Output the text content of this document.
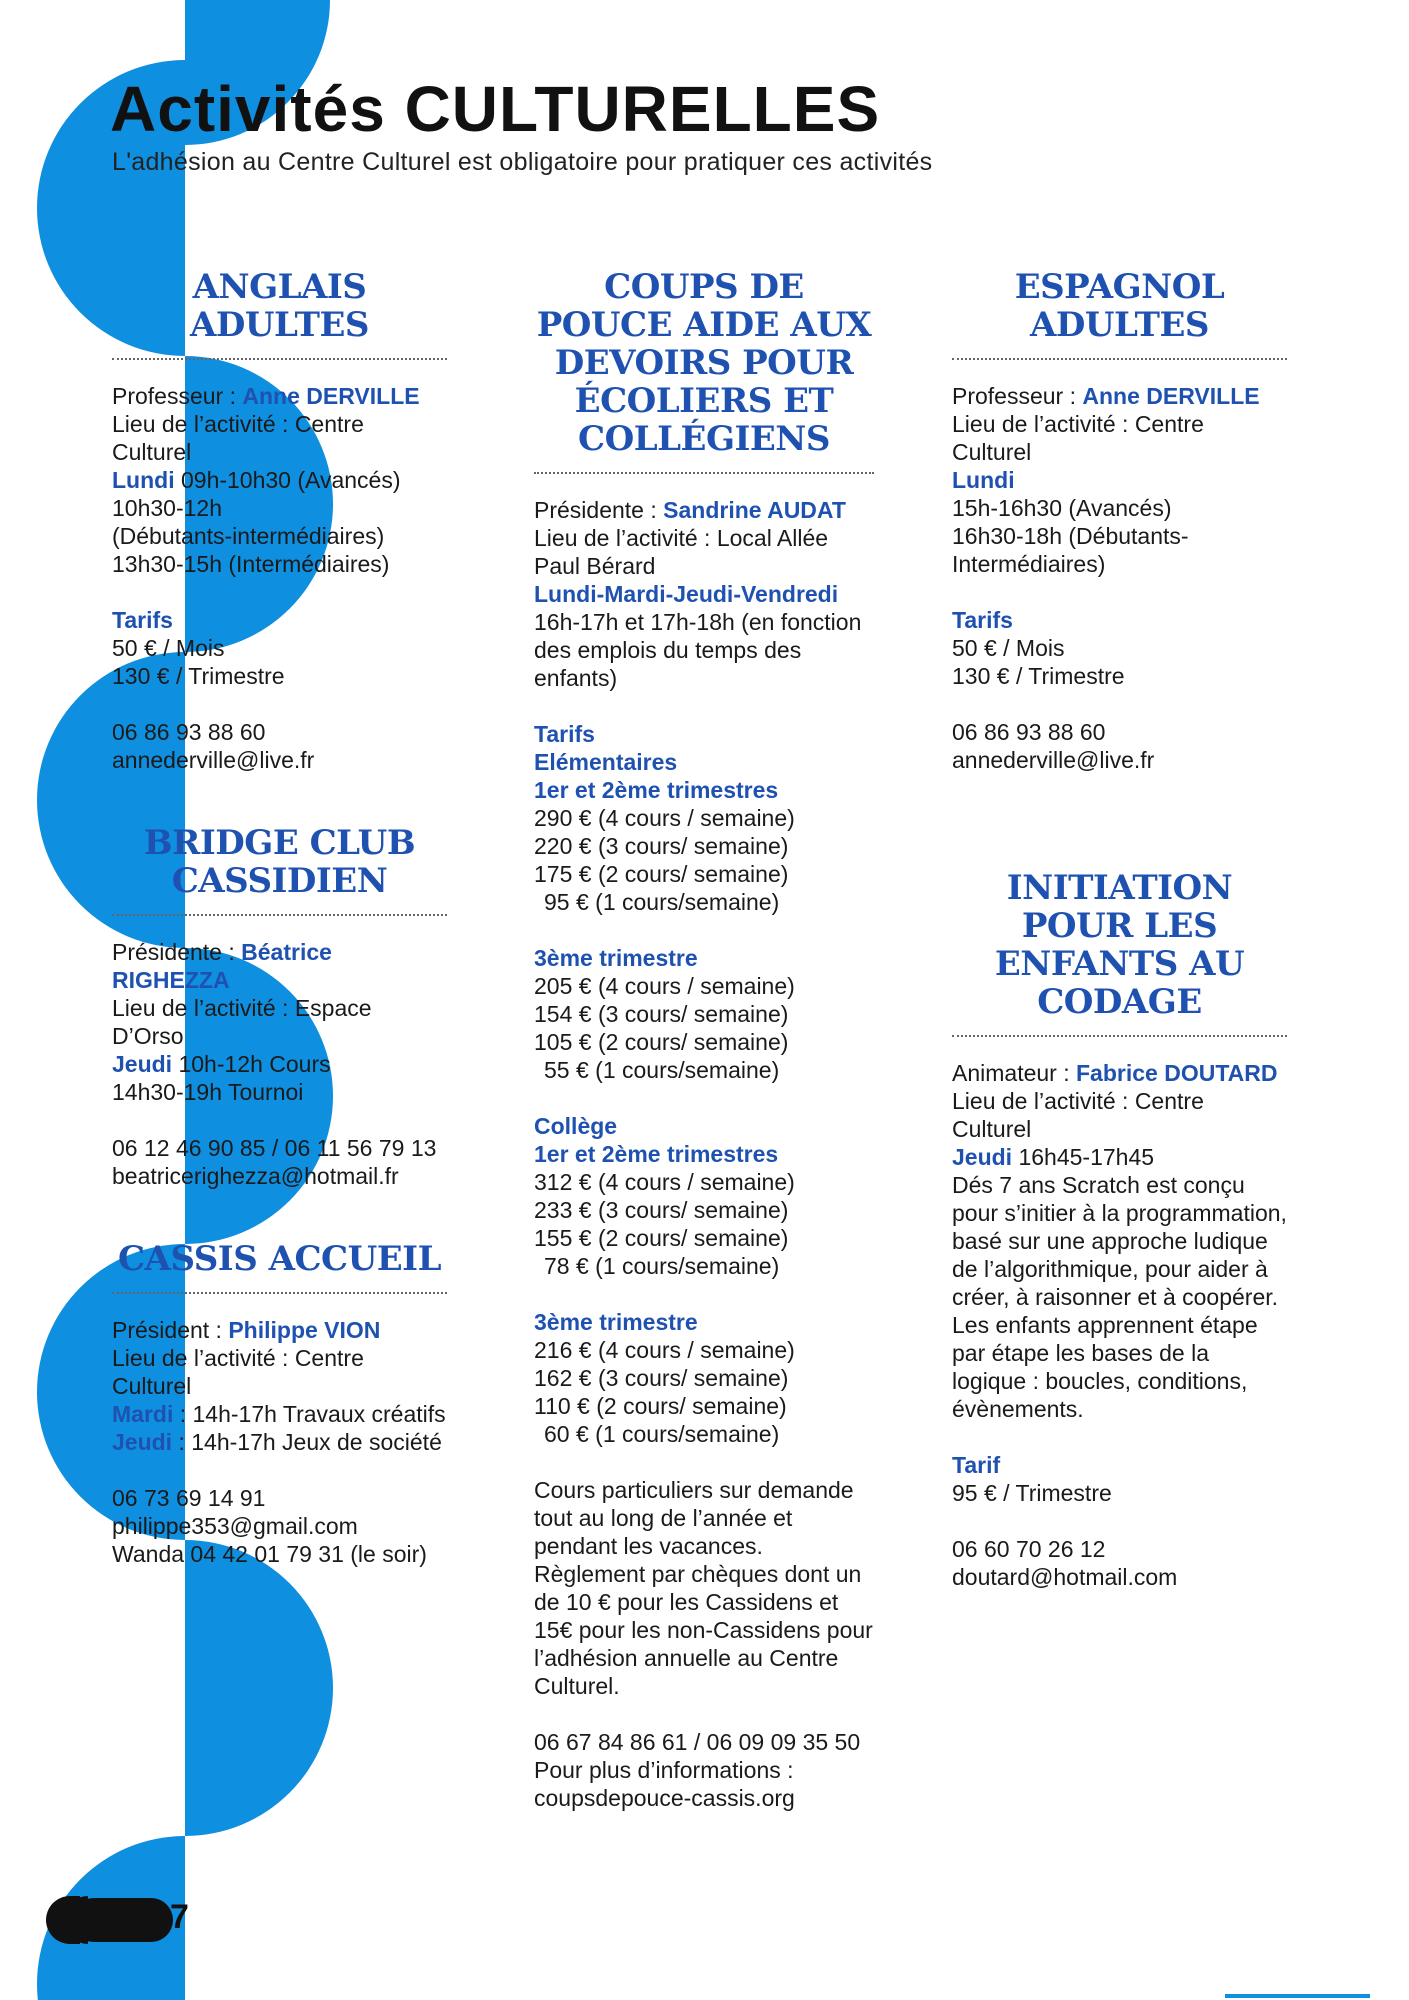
Activités CULTURELLES
L'adhésion au Centre Culturel est obligatoire pour pratiquer ces activités
ANGLAIS ADULTES

Professeur : Anne DERVILLE

Lieu de l’activité : Centre Culturel

Lundi 09h-10h30 (Avancés)

10h30-12h

(Débutants-intermédiaires)

13h30-15h (Intermédiaires)

Tarifs

50 € / Mois

130 € / Trimestre

06 86 93 88 60

annederville@live.fr

BRIDGE CLUB CASSIDIEN

Présidente : Béatrice RIGHEZZA

Lieu de l’activité : Espace D’Orso

Jeudi 10h-12h Cours

14h30-19h Tournoi

06 12 46 90 85 / 06 11 56 79 13

beatricerighezza@hotmail.fr

CASSIS ACCUEIL

Président : Philippe VION

Lieu de l’activité : Centre Culturel

Mardi : 14h-17h Travaux créatifs

Jeudi : 14h-17h Jeux de société

06 73 69 14 91

philippe353@gmail.com

Wanda 04 42 01 79 31 (le soir)

COUPS DE POUCE AIDE AUX DEVOIRS POUR ÉCOLIERS ET COLLÉGIENS

Présidente : Sandrine AUDAT

Lieu de l’activité : Local Allée Paul Bérard

Lundi-Mardi-Jeudi-Vendredi

16h-17h et 17h-18h (en fonction des emplois du temps des enfants)

Tarifs

Elémentaires

1er et 2ème trimestres

290 € (4 cours / semaine)

220 € (3 cours/ semaine)

175 € (2 cours/ semaine)

95 € (1 cours/semaine)

3ème trimestre

205 € (4 cours / semaine)

154 € (3 cours/ semaine)

105 € (2 cours/ semaine)

55 € (1 cours/semaine)

Collège

1er et 2ème trimestres

312 € (4 cours / semaine)

233 € (3 cours/ semaine)

155 € (2 cours/ semaine)

78 € (1 cours/semaine)

3ème trimestre

216 € (4 cours / semaine)

162 € (3 cours/ semaine)

110 € (2 cours/ semaine)

60 € (1 cours/semaine)

Cours particuliers sur demande tout au long de l’année et pendant les vacances.

Règlement par chèques dont un de 10 € pour les Cassidens et 15€ pour les non-Cassidens pour l’adhésion annuelle au Centre Culturel.

06 67 84 86 61 / 06 09 09 35 50

Pour plus d’informations :

coupsdepouce-cassis.org

ESPAGNOL ADULTES

Professeur : Anne DERVILLE

Lieu de l’activité : Centre Culturel

Lundi

15h-16h30 (Avancés)

16h30-18h (Débutants-Intermédiaires)

Tarifs

50 € / Mois

130 € / Trimestre

06 86 93 88 60

annederville@live.fr

INITIATION POUR LES ENFANTS AU CODAGE

Animateur : Fabrice DOUTARD

Lieu de l’activité : Centre Culturel

Jeudi 16h45-17h45

Dés 7 ans Scratch est conçu pour s’initier à la programmation, basé sur une approche ludique de l’algorithmique, pour aider à créer, à raisonner et à coopérer. Les enfants apprennent étape par étape les bases de la logique : boucles, conditions, évènements.

Tarif

95 € / Trimestre

06 60 70 26 12

doutard@hotmail.com

7
